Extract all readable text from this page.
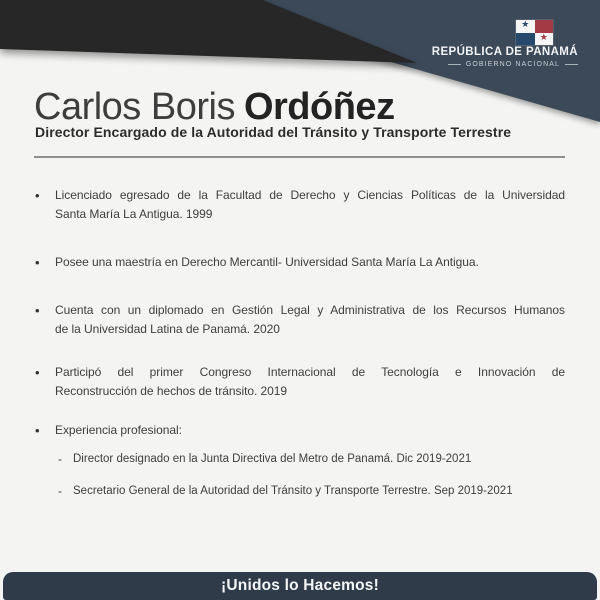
★
★
REPÚBLICA DE PANAMÁ
GOBIERNO NACIONAL
Carlos Boris Ordóñez
Director Encargado de la Autoridad del Tránsito y Transporte Terrestre
•	Licenciado egresado de la Facultad de Derecho y Ciencias Políticas de la Universidad
Santa María La Antigua. 1999
•	Posee una maestría en Derecho Mercantil- Universidad Santa María La Antigua.
•	Cuenta con un diplomado en Gestión Legal y Administrativa de los Recursos Humanos
de la Universidad Latina de Panamá. 2020
•	Participó del primer Congreso Internacional de Tecnología e Innovación de
Reconstrucción de hechos de tránsito. 2019
•	Experiencia profesional:
- Director designado en la Junta Directiva del Metro de Panamá. Dic 2019-2021
- Secretario General de la Autoridad del Tránsito y Transporte Terrestre. Sep 2019-2021
¡Unidos lo Hacemos!
